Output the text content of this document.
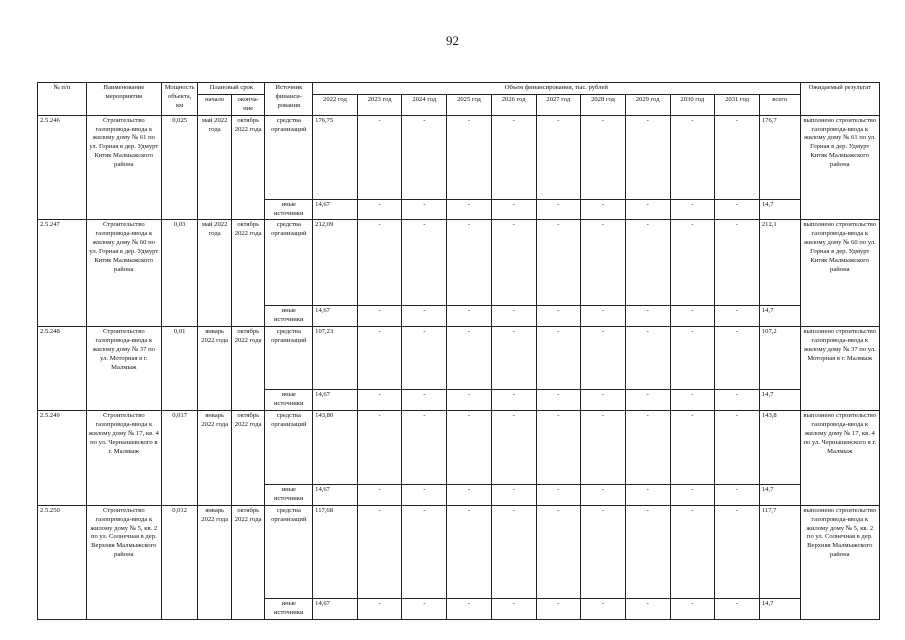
92
№ п/п	Наименование мероприятия	Мощность объекта, км	Плановый срок		Источник финанси-рования	Объем финансирования, тыс. рублей											Ожидаемый результат
			начало	оконча-ние		2022 год	2023 год	2024 год	2025 год	2026 год	2027 год	2028 год	2029 год	2030 год	2031 год	всего	
2.5.246	Строительство газопровода-ввода к жилому дому № 61 по ул. Горная в дер. Удмурт Китяк Малмыжского района	0,025	май 2022 года	октябрь 2022 года	средства организаций	176,75	-	-	-	-	-	-	-	-	-	176,7	выполнено строительство газопровода-ввода к жилому дому № 61 по ул. Горная в дер. Удмурт Китяк Малмыжского района
					иные источники	14,67	-	-	-	-	-	-	-	-	-	14,7	
2.5.247	Строительство газопровода-ввода к жилому дому № 60 по ул. Горная в дер. Удмурт Китяк Малмыжского района	0,03	май 2022 года	октябрь 2022 года	средства организаций	212,09	-	-	-	-	-	-	-	-	-	212,1	выполнено строительство газопровода-ввода к жилому дому № 60 по ул. Горная в дер. Удмурт Китяк Малмыжского района
					иные источники	14,67	-	-	-	-	-	-	-	-	-	14,7	
2.5.248	Строительство газопровода-ввода к жилому дому № 37 по ул. Моторная в г. Малмыж	0,01	январь 2022 года	октябрь 2022 года	средства организаций	107,23	-	-	-	-	-	-	-	-	-	107,2	выполнено строительство газопровода-ввода к жилому дому № 37 по ул. Моторная в г. Малмыж
					иные источники	14,67	-	-	-	-	-	-	-	-	-	14,7	
2.5.249	Строительство газопровода-ввода к жилому дому № 17, кв. 4 по ул. Чернышевского в г. Малмыж	0,017	январь 2022 года	октябрь 2022 года	средства организаций	143,80	-	-	-	-	-	-	-	-	-	143,8	выполнено строительство газопровода-ввода к жилому дому № 17, кв. 4 по ул. Чернышевского в г. Малмыж
					иные источники	14,67	-	-	-	-	-	-	-	-	-	14,7	
2.5.250	Строительство газопровода-ввода к жилому дому № 5, кв. 2 по ул. Солнечная в дер. Верхняя Малмыжского района	0,012	январь 2022 года	октябрь 2022 года	средства организаций	117,68	-	-	-	-	-	-	-	-	-	117,7	выполнено строительство газопровода-ввода к жилому дому № 5, кв. 2 по ул. Солнечная в дер. Верхняя Малмыжского района
					иные источники	14,67	-	-	-	-	-	-	-	-	-	14,7	
